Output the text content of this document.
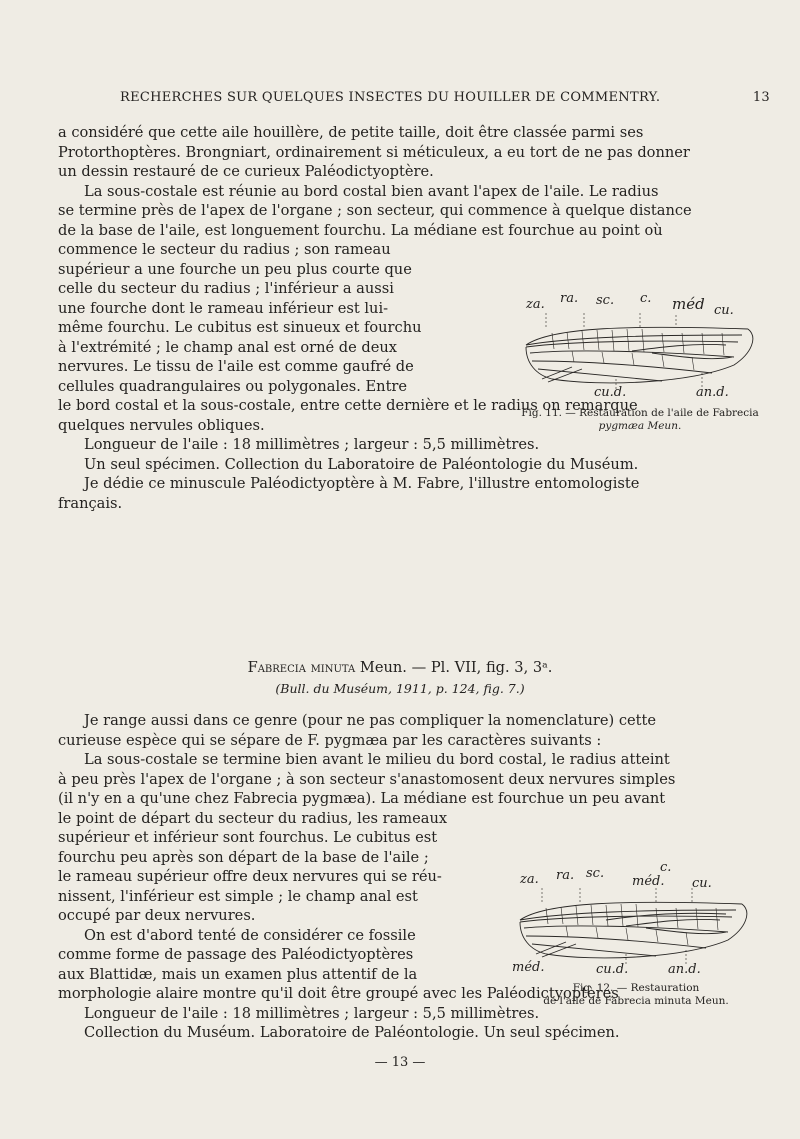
RECHERCHES SUR QUELQUES INSECTES DU HOUILLER DE COMMENTRY.	13

a considéré que cette aile houillère, de petite taille, doit être classée parmi ses

Protorthoptères. Brongniart, ordinairement si méticuleux, a eu tort de ne pas donner

un dessin restauré de ce curieux Paléodictyoptère.

La sous-costale est réunie au bord costal bien avant l'apex de l'aile. Le radius

se termine près de l'apex de l'organe ; son secteur, qui commence à quelque distance

de la base de l'aile, est longuement fourchu. La médiane est fourchue au point où

commence le secteur du radius ; son rameau

supérieur a une fourche un peu plus courte que

celle du secteur du radius ; l'inférieur a aussi

une fourche dont le rameau inférieur est lui-

même fourchu. Le cubitus est sinueux et fourchu

à l'extrémité ; le champ anal est orné de deux

nervures. Le tissu de l'aile est comme gaufré de

cellules quadrangulaires ou polygonales. Entre

le bord costal et la sous-costale, entre cette dernière et le radius on remarque

quelques nervules obliques.

Longueur de l'aile : 18 millimètres ; largeur : 5,5 millimètres.

Un seul spécimen. Collection du Laboratoire de Paléontologie du Muséum.

Je dédie ce minuscule Paléodictyoptère à M. Fabre, l'illustre entomologiste

français.

za. ra. sc. c. méd cu.
cu.d.	an.d.
Fig. 11. — Restauration de l'aile de Fabrecia
pygmæa Meun.
Fabrecia minuta Meun. — Pl. VII, fig. 3, 3ᵃ.
(Bull. du Muséum, 1911, p. 124, fig. 7.)

Je range aussi dans ce genre (pour ne pas compliquer la nomenclature) cette

curieuse espèce qui se sépare de F. pygmæa par les caractères suivants :

La sous-costale se termine bien avant le milieu du bord costal, le radius atteint

à peu près l'apex de l'organe ; à son secteur s'anastomosent deux nervures simples

(il n'y en a qu'une chez Fabrecia pygmæa). La médiane est fourchue un peu avant

le point de départ du secteur du radius, les rameaux

supérieur et inférieur sont fourchus. Le cubitus est

fourchu peu après son départ de la base de l'aile ;

le rameau supérieur offre deux nervures qui se réu-

nissent, l'inférieur est simple ; le champ anal est

occupé par deux nervures.

On est d'abord tenté de considérer ce fossile

comme forme de passage des Paléodictyoptères

aux Blattidæ, mais un examen plus attentif de la

morphologie alaire montre qu'il doit être groupé avec les Paléodictyoptères

Longueur de l'aile : 18 millimètres ; largeur : 5,5 millimètres.

Collection du Muséum. Laboratoire de Paléontologie. Un seul spécimen.

za. ra. sc.	c.
méd. cu.
méd.	cu.d.	an.d.
Fig. 12. — Restauration
de l'aile de Fabrecia minuta Meun.
— 13 —
